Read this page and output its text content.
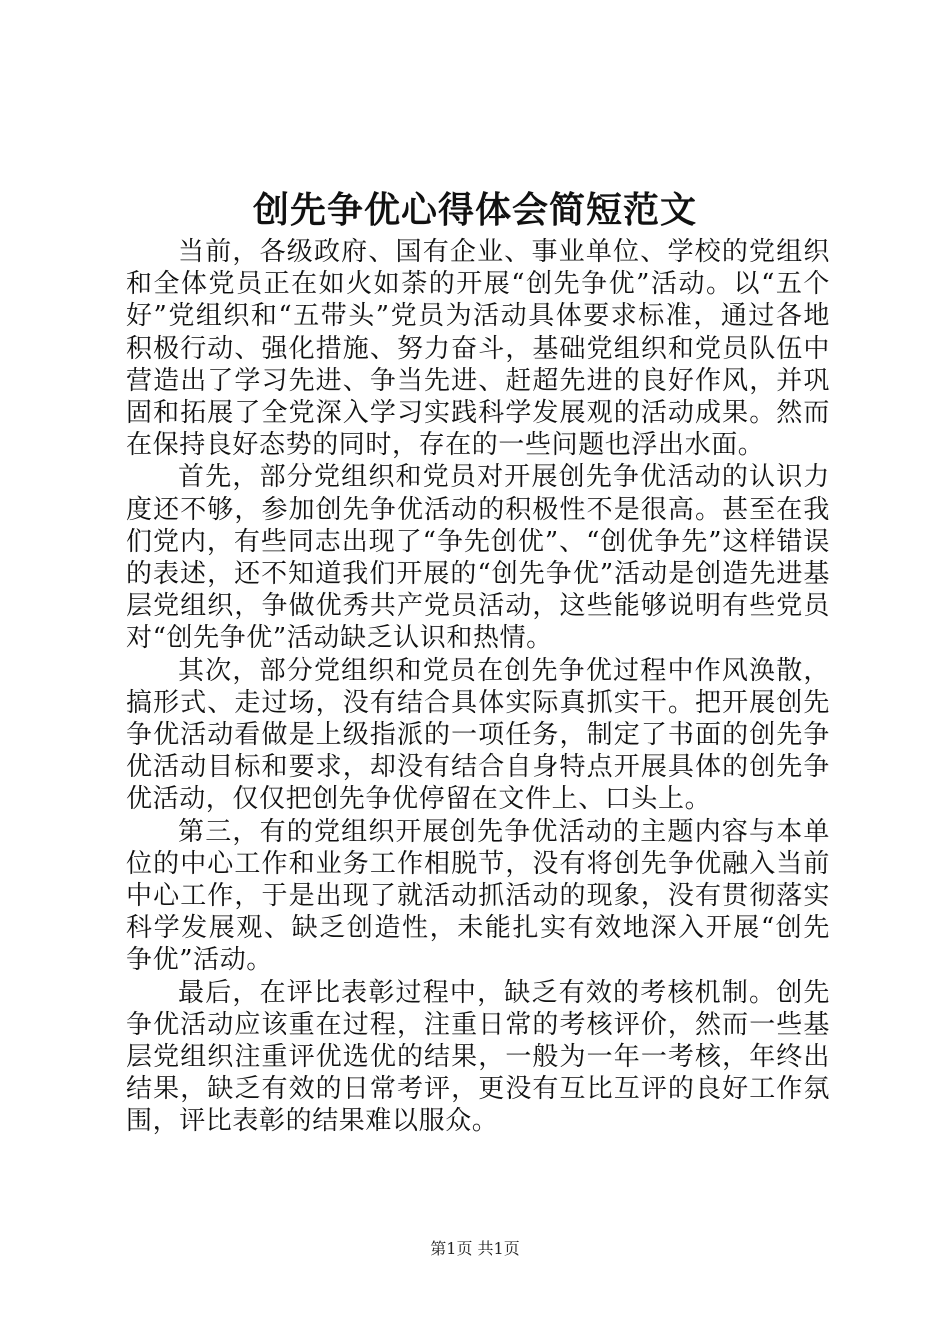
创先争优心得体会简短范文

当前，各级政府、国有企业、事业单位、学校的党组织和全体党员正在如火如荼的开展“创先争优”活动。以“五个好”党组织和“五带头”党员为活动具体要求标准，通过各地积极行动、强化措施、努力奋斗，基础党组织和党员队伍中营造出了学习先进、争当先进、赶超先进的良好作风，并巩固和拓展了全党深入学习实践科学发展观的活动成果。然而在保持良好态势的同时，存在的一些问题也浮出水面。

首先，部分党组织和党员对开展创先争优活动的认识力度还不够，参加创先争优活动的积极性不是很高。甚至在我们党内，有些同志出现了“争先创优”、“创优争先”这样错误的表述，还不知道我们开展的“创先争优”活动是创造先进基层党组织，争做优秀共产党员活动，这些能够说明有些党员对“创先争优”活动缺乏认识和热情。

其次，部分党组织和党员在创先争优过程中作风涣散，搞形式、走过场，没有结合具体实际真抓实干。把开展创先争优活动看做是上级指派的一项任务，制定了书面的创先争优活动目标和要求，却没有结合自身特点开展具体的创先争优活动，仅仅把创先争优停留在文件上、口头上。

第三，有的党组织开展创先争优活动的主题内容与本单位的中心工作和业务工作相脱节，没有将创先争优融入当前中心工作，于是出现了就活动抓活动的现象，没有贯彻落实科学发展观、缺乏创造性，未能扎实有效地深入开展“创先争优”活动。

最后，在评比表彰过程中，缺乏有效的考核机制。创先争优活动应该重在过程，注重日常的考核评价，然而一些基层党组织注重评优选优的结果，一般为一年一考核，年终出结果，缺乏有效的日常考评，更没有互比互评的良好工作氛围，评比表彰的结果难以服众。

第1页 共1页
